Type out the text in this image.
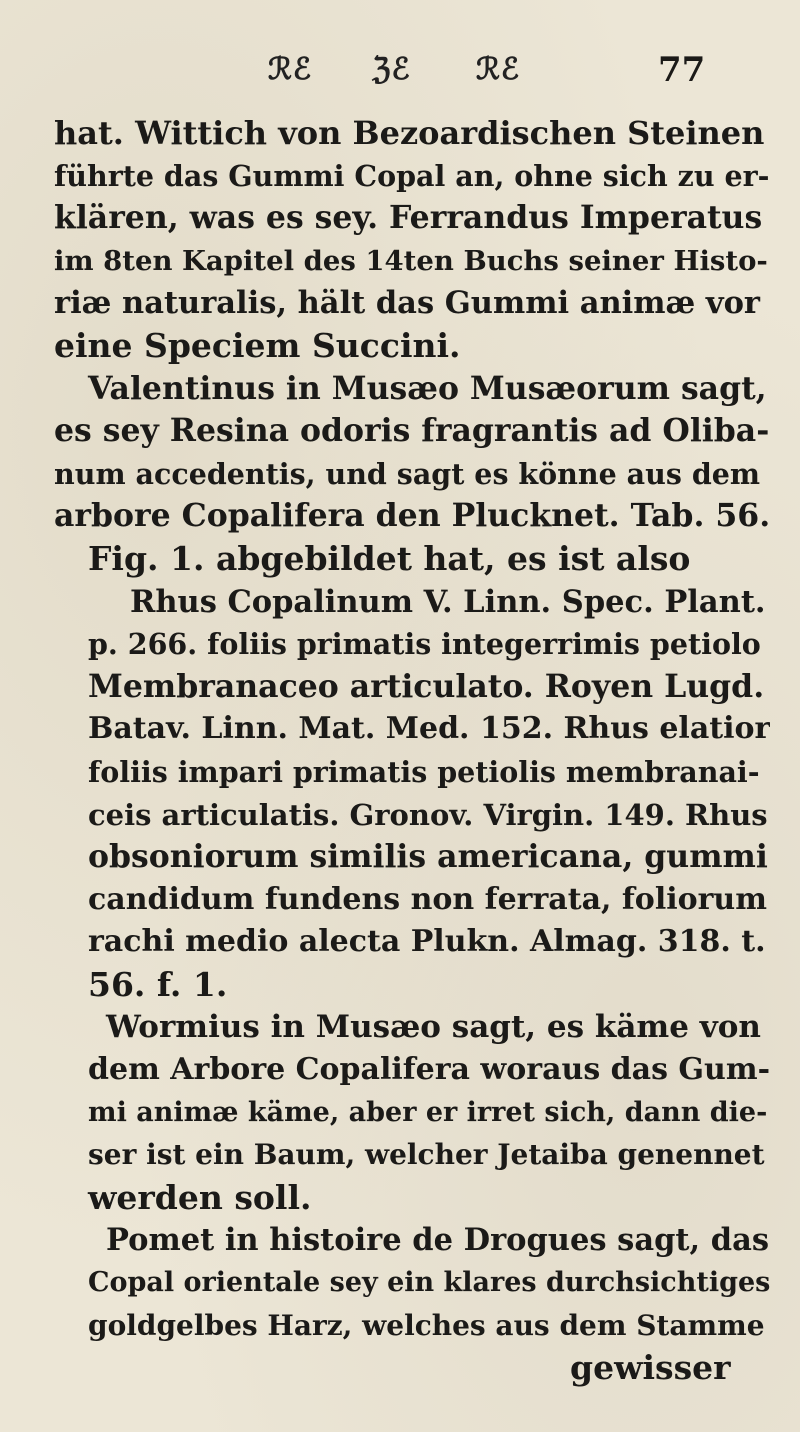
ℛℰ	ℨℰ	ℛℰ	77
hat. Wittich von Bezoardischen Steinen
führte das Gummi Copal an, ohne sich zu er-
klären, was es sey. Ferrandus Imperatus
im 8ten Kapitel des 14ten Buchs seiner Histo-
riæ naturalis, hält das Gummi animæ vor
eine Speciem Succini.
Valentinus in Musæo Musæorum sagt,
es sey Resina odoris fragrantis ad Oliba-
num accedentis, und sagt es könne aus dem
arbore Copalifera den Plucknet. Tab. 56.
Fig. 1. abgebildet hat, es ist also
Rhus Copalinum V. Linn. Spec. Plant.
p. 266. foliis primatis integerrimis petiolo
Membranaceo articulato. Royen Lugd.
Batav. Linn. Mat. Med. 152. Rhus elatior
foliis impari primatis petiolis membranai-
ceis articulatis. Gronov. Virgin. 149. Rhus
obsoniorum similis americana, gummi
candidum fundens non ferrata, foliorum
rachi medio alecta Plukn. Almag. 318. t.
56. f. 1.
Wormius in Musæo sagt, es käme von
dem Arbore Copalifera woraus das Gum-
mi animæ käme, aber er irret sich, dann die-
ser ist ein Baum, welcher Jetaiba genennet
werden soll.
Pomet in histoire de Drogues sagt, das
Copal orientale sey ein klares durchsichtiges
goldgelbes Harz, welches aus dem Stamme
gewisser
